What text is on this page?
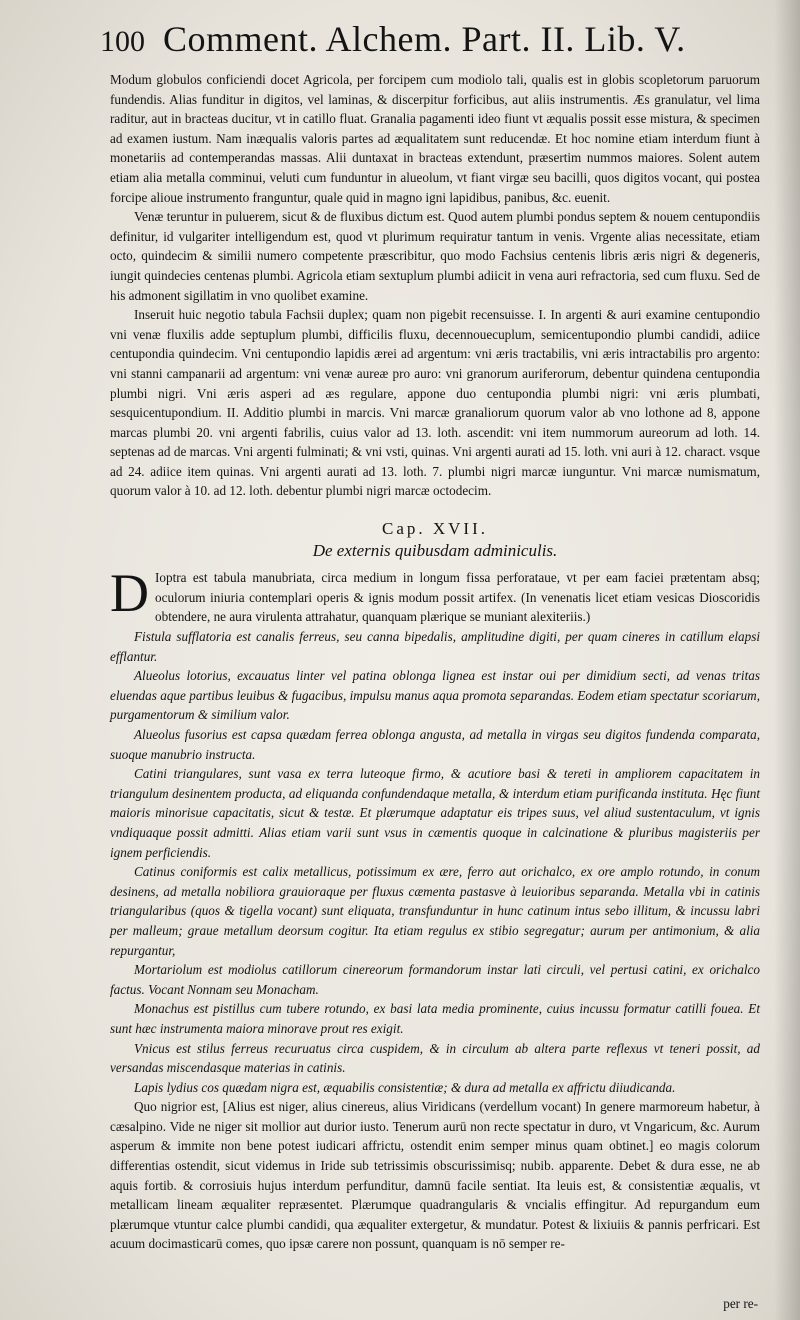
100 Comment. Alchem. Part. II. Lib. V.

Modum globulos conficiendi docet Agricola, per forcipem cum modiolo tali, qualis est in globis scopletorum paruorum fundendis. Alias funditur in digitos, vel laminas, & discerpitur forficibus, aut aliis instrumentis. Æs granulatur, vel lima raditur, aut in bracteas ducitur, vt in catillo fluat. Granalia pagamenti ideo fiunt vt æqualis possit esse mistura, & specimen ad examen iustum. Nam inæqualis valoris partes ad æqualitatem sunt reducendæ. Et hoc nomine etiam interdum fiunt à monetariis ad contemperandas massas. Alii duntaxat in bracteas extendunt, præsertim nummos maiores. Solent autem etiam alia metalla comminui, veluti cum funduntur in alueolum, vt fiant virgæ seu bacilli, quos digitos vocant, qui postea forcipe alioue instrumento franguntur, quale quid in magno igni lapidibus, panibus, &c. euenit.

Venæ teruntur in puluerem, sicut & de fluxibus dictum est. Quod autem plumbi pondus septem & nouem centupondiis definitur, id vulgariter intelligendum est, quod vt plurimum requiratur tantum in venis. Vrgente alias necessitate, etiam octo, quindecim & similii numero competente præscribitur, quo modo Fachsius centenis libris æris nigri & degeneris, iungit quindecies centenas plumbi. Agricola etiam sextuplum plumbi adiicit in vena auri refractoria, sed cum fluxu. Sed de his admonent sigillatim in vno quolibet examine.

Inseruit huic negotio tabula Fachsii duplex; quam non pigebit recensuisse. I. In argenti & auri examine centupondio vni venæ fluxilis adde septuplum plumbi, difficilis fluxu, decennouecuplum, semicentupondio plumbi candidi, adiice centupondia quindecim. Vni centupondio lapidis ærei ad argentum: vni æris tractabilis, vni æris intractabilis pro argento: vni stanni campanarii ad argentum: vni venæ aureæ pro auro: vni granorum auriferorum, debentur quindena centupondia plumbi nigri. Vni æris asperi ad æs regulare, appone duo centupondia plumbi nigri: vni æris plumbati, sesquicentupondium. II. Additio plumbi in marcis. Vni marcæ granaliorum quorum valor ab vno lothone ad 8, appone marcas plumbi 20. vni argenti fabrilis, cuius valor ad 13. loth. ascendit: vni item nummorum aureorum ad loth. 14. septenas ad de marcas. Vni argenti fulminati; & vni vsti, quinas. Vni argenti aurati ad 15. loth. vni auri à 12. charact. vsque ad 24. adiice item quinas. Vni argenti aurati ad 13. loth. 7. plumbi nigri marcæ iunguntur. Vni marcæ numismatum, quorum valor à 10. ad 12. loth. debentur plumbi nigri marcæ octodecim.

Cap. XVII.
De externis quibusdam adminiculis.

D Ioptra est tabula manubriata, circa medium in longum fissa perforataue, vt per eam faciei prætentam absq; oculorum iniuria contemplari operis & ignis modum possit artifex. (In venenatis licet etiam vesicas Dioscoridis obtendere, ne aura virulenta attrahatur, quanquam plærique se muniant alexiteriis.)

Fistula sufflatoria est canalis ferreus, seu canna bipedalis, amplitudine digiti, per quam cineres in catillum elapsi efflantur.

Alueolus lotorius, excauatus linter vel patina oblonga lignea est instar oui per dimidium secti, ad venas tritas eluendas aque partibus leuibus & fugacibus, impulsu manus aqua promota separandas. Eodem etiam spectatur scoriarum, purgamentorum & similium valor.

Alueolus fusorius est capsa quædam ferrea oblonga angusta, ad metalla in virgas seu digitos fundenda comparata, suoque manubrio instructa.

Catini triangulares, sunt vasa ex terra luteoque firmo, & acutiore basi & tereti in ampliorem capacitatem in triangulum desinentem producta, ad eliquanda confundendaque metalla, & interdum etiam purificanda instituta. Hęc fiunt maioris minorisue capacitatis, sicut & testæ. Et plærumque adaptatur eis tripes suus, vel aliud sustentaculum, vt ignis vndiquaque possit admitti. Alias etiam varii sunt vsus in cæmentis quoque in calcinatione & pluribus magisteriis per ignem perficiendis.

Catinus coniformis est calix metallicus, potissimum ex ære, ferro aut orichalco, ex ore amplo rotundo, in conum desinens, ad metalla nobiliora grauioraque per fluxus cæmenta pastasve à leuioribus separanda. Metalla vbi in catinis triangularibus (quos & tigella vocant) sunt eliquata, transfunduntur in hunc catinum intus sebo illitum, & incussu labri per malleum; graue metallum deorsum cogitur. Ita etiam regulus ex stibio segregatur; aurum per antimonium, & alia repurgantur,

Mortariolum est modiolus catillorum cinereorum formandorum instar lati circuli, vel pertusi catini, ex orichalco factus. Vocant Nonnam seu Monacham.

Monachus est pistillus cum tubere rotundo, ex basi lata media prominente, cuius incussu formatur catilli fouea. Et sunt hæc instrumenta maiora minorave prout res exigit.

Vnicus est stilus ferreus recuruatus circa cuspidem, & in circulum ab altera parte reflexus vt teneri possit, ad versandas miscendasque materias in catinis.

Lapis lydius cos quædam nigra est, æquabilis consistentiæ; & dura ad metalla ex affrictu diiudicanda.

Quo nigrior est, [Alius est niger, alius cinereus, alius Viridicans (verdellum vocant) In genere marmoreum habetur, à cæsalpino. Vide ne niger sit mollior aut durior iusto. Tenerum aurū non recte spectatur in duro, vt Vngaricum, &c. Aurum asperum & immite non bene potest iudicari affrictu, ostendit enim semper minus quam obtinet.] eo magis colorum differentias ostendit, sicut videmus in Iride sub tetrissimis obscurissimisq; nubib. apparente. Debet & dura esse, ne ab aquis fortib. & corrosiuis hujus interdum perfunditur, damnū facile sentiat. Ita leuis est, & consistentiæ æqualis, vt metallicam lineam æqualiter repræsentet. Plærumque quadrangularis & vncialis effingitur. Ad repurgandum eum plærumque vtuntur calce plumbi candidi, qua æqualiter extergetur, & mundatur. Potest & lixiuiis & pannis perfricari. Est acuum docimasticarū comes, quo ipsæ carere non possunt, quanquam is nō semper re-

per re-
